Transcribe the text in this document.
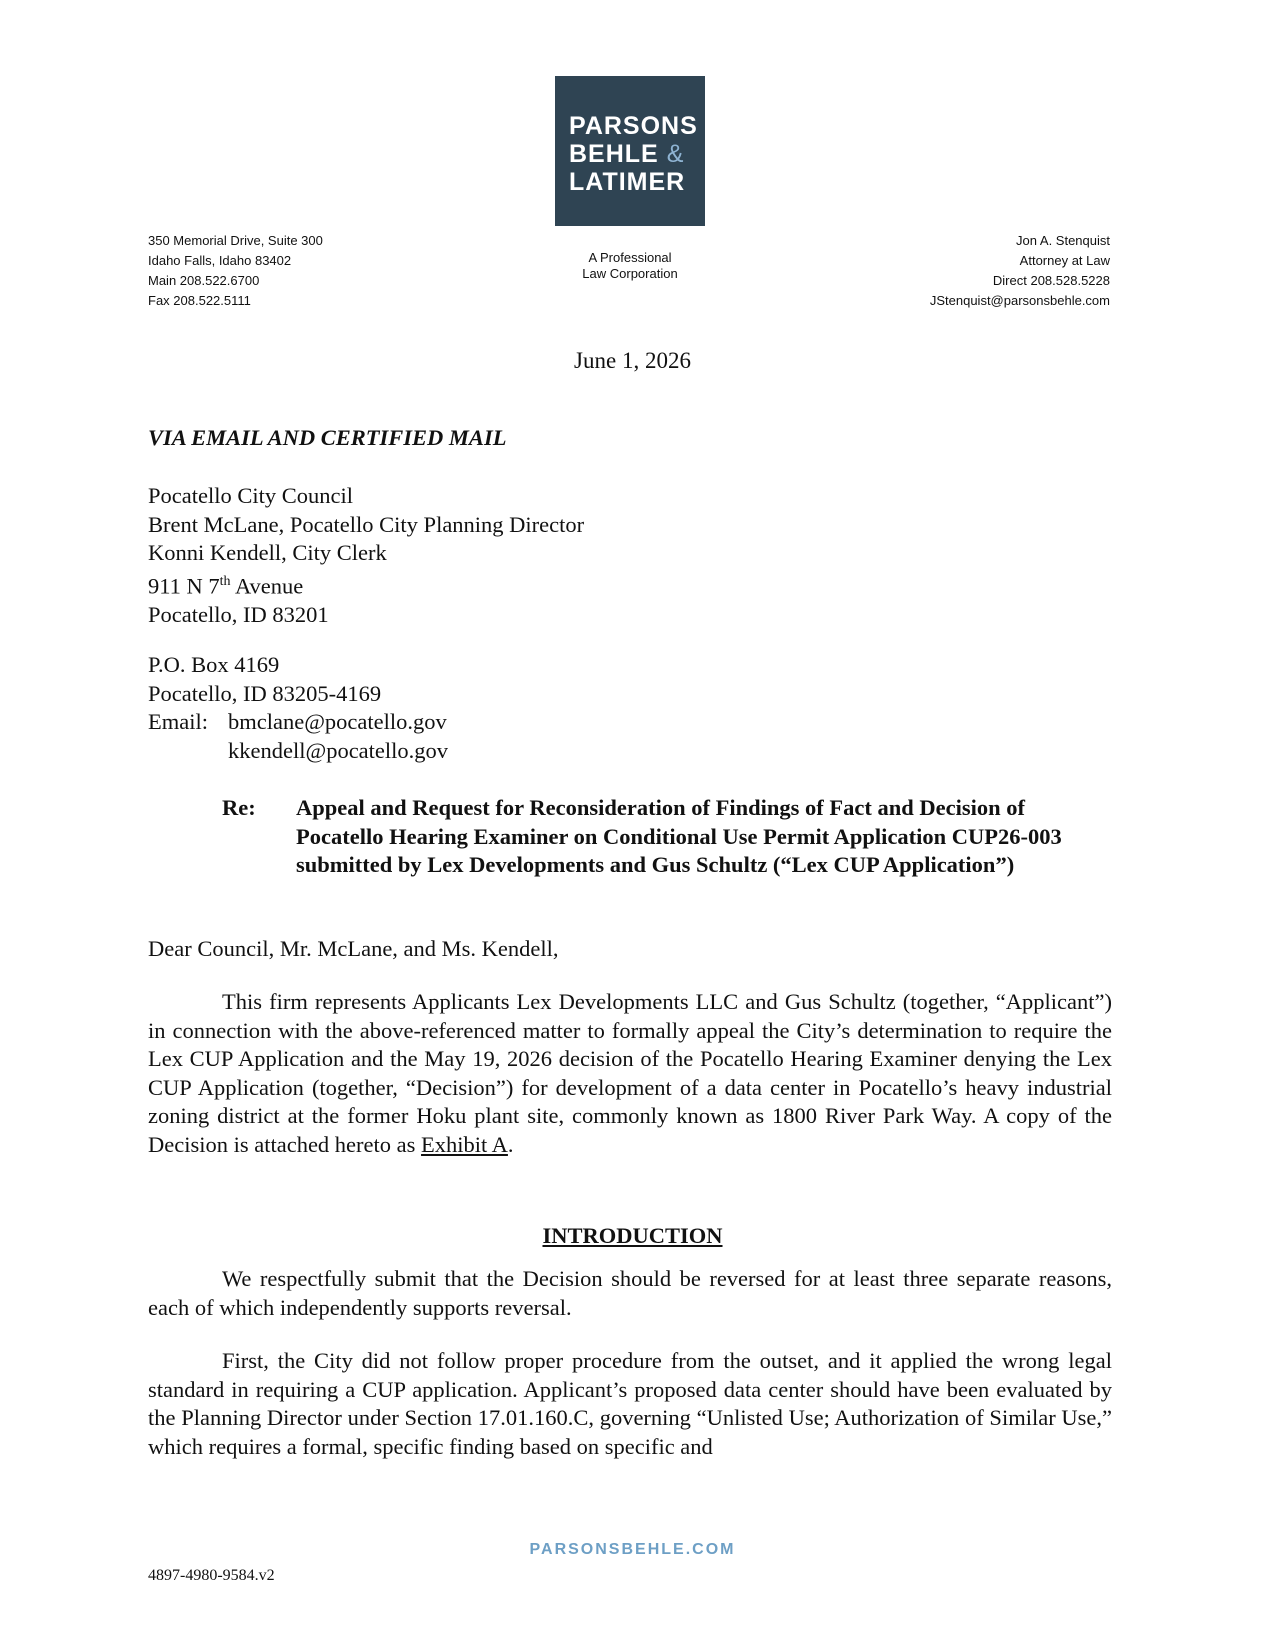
PARSONS
BEHLE &
LATIMER
350 Memorial Drive, Suite 300
Idaho Falls, Idaho 83402
Main 208.522.6700
Fax 208.522.5111
A Professional
Law Corporation
Jon A. Stenquist
Attorney at Law
Direct 208.528.5228
JStenquist@parsonsbehle.com
June 1, 2026
VIA EMAIL AND CERTIFIED MAIL
Pocatello City Council
Brent McLane, Pocatello City Planning Director
Konni Kendell, City Clerk
911 N 7th Avenue
Pocatello, ID 83201
P.O. Box 4169
Pocatello, ID 83205-4169
Email: bmclane@pocatello.gov
kkendell@pocatello.gov
Re:	Appeal and Request for Reconsideration of Findings of Fact and Decision of Pocatello Hearing Examiner on Conditional Use Permit Application CUP26-003 submitted by Lex Developments and Gus Schultz (“Lex CUP Application”)
Dear Council, Mr. McLane, and Ms. Kendell,
This firm represents Applicants Lex Developments LLC and Gus Schultz (together, “Applicant”) in connection with the above-referenced matter to formally appeal the City’s determination to require the Lex CUP Application and the May 19, 2026 decision of the Pocatello Hearing Examiner denying the Lex CUP Application (together, “Decision”) for development of a data center in Pocatello’s heavy industrial zoning district at the former Hoku plant site, commonly known as 1800 River Park Way. A copy of the Decision is attached hereto as Exhibit A.
INTRODUCTION
We respectfully submit that the Decision should be reversed for at least three separate reasons, each of which independently supports reversal.
First, the City did not follow proper procedure from the outset, and it applied the wrong legal standard in requiring a CUP application. Applicant’s proposed data center should have been evaluated by the Planning Director under Section 17.01.160.C, governing “Unlisted Use; Authorization of Similar Use,” which requires a formal, specific finding based on specific and
PARSONSBEHLE.COM
4897-4980-9584.v2
